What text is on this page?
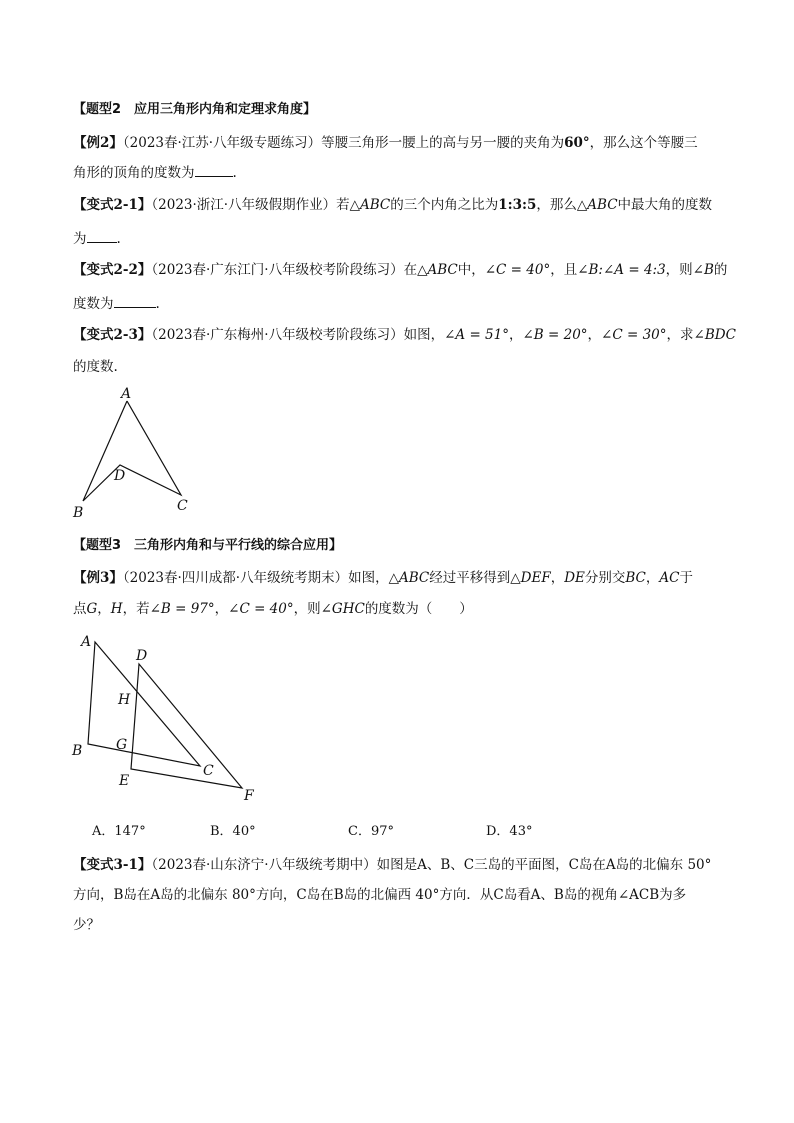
【题型2　应用三角形内角和定理求角度】
【例2】（2023春·江苏·八年级专题练习）等腰三角形一腰上的高与另一腰的夹角为60°，那么这个等腰三
角形的顶角的度数为	.
【变式2-1】（2023·浙江·八年级假期作业）若△ABC的三个内角之比为1:3:5，那么△ABC中最大角的度数
为 .
【变式2-2】（2023春·广东江门·八年级校考阶段练习）在△ABC中，∠C = 40°，且∠B:∠A = 4:3，则∠B的
度数为	.
【变式2-3】（2023春·广东梅州·八年级校考阶段练习）如图，∠A = 51°，∠B = 20°，∠C = 30°，求∠BDC
的度数.
A
B	C
D
【题型3　三角形内角和与平行线的综合应用】
【例3】（2023春·四川成都·八年级统考期末）如图，△ABC经过平移得到△DEF，DE分别交BC，AC于
点G，H，若∠B = 97°，∠C = 40°，则∠GHC的度数为（　　）
A
D
H
B G
C
E
F
A．147°	B．40°	C．97°	D．43°
【变式3-1】（2023春·山东济宁·八年级统考期中）如图是A、B、C三岛的平面图，C岛在A岛的北偏东 50°
方向，B岛在A岛的北偏东 80°方向，C岛在B岛的北偏西 40°方向．从C岛看A、B岛的视角∠ACB为多
少？
